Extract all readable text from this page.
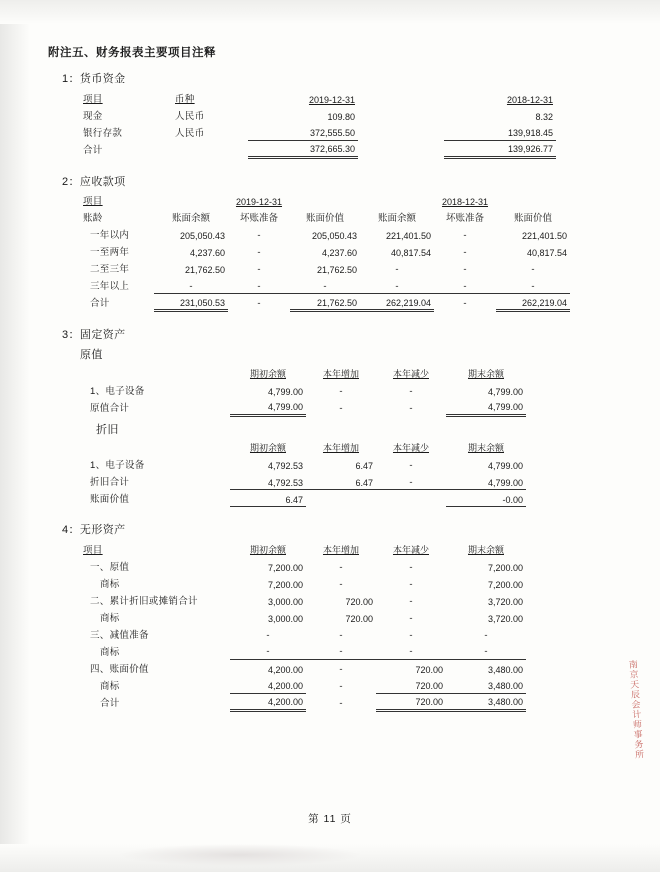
附注五、财务报表主要项目注释
1：货币资金
项目	币种	2019-12-31		2018-12-31
现金	人民币	109.80		8.32
银行存款	人民币	372,555.50		139,918.45
合计		372,665.30		139,926.77
2：应收款项
项目		2019-12-31			2018-12-31	
账龄	账面余额	坏账准备	账面价值	账面余额	坏账准备	账面价值
一年以内	205,050.43	-	205,050.43	221,401.50	-	221,401.50
一至两年	4,237.60	-	4,237.60	40,817.54	-	40,817.54
二至三年	21,762.50	-	21,762.50	-	-	-
三年以上	-	-	-	-	-	-
合计	231,050.53	-	21,762.50	262,219.04	-	262,219.04
3：固定资产
原值
	期初余额	本年增加	本年减少	期末余额
1、电子设备	4,799.00	-	-	4,799.00
原值合计	4,799.00	-	-	4,799.00
折旧
	期初余额	本年增加	本年减少	期末余额
1、电子设备	4,792.53	6.47	-	4,799.00
折旧合计	4,792.53	6.47	-	4,799.00
账面价值	6.47			-0.00
4：无形资产
项目	期初余额	本年增加	本年减少	期末余额
一、原值	7,200.00	-	-	7,200.00
商标	7,200.00	-	-	7,200.00
二、累计折旧或摊销合计	3,000.00	720.00	-	3,720.00
商标	3,000.00	720.00	-	3,720.00
三、减值准备	-	-	-	-
商标	-	-	-	-
四、账面价值	4,200.00	-	720.00	3,480.00
商标	4,200.00	-	720.00	3,480.00
合计	4,200.00	-	720.00	3,480.00	南京天辰会计师事务所
第 11 页
